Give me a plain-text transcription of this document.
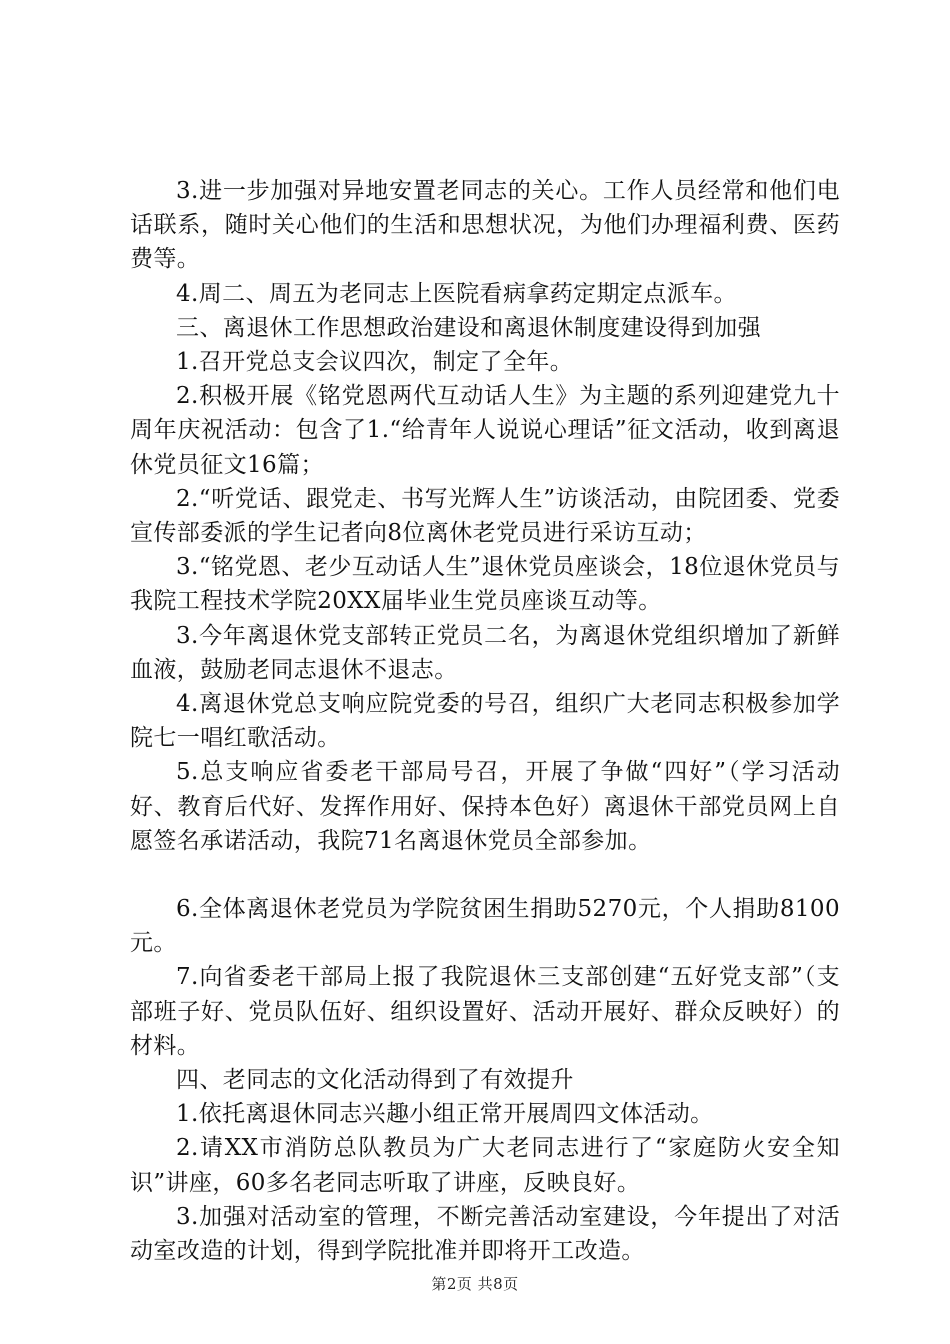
3.进一步加强对异地安置老同志的关心。工作人员经常和他们电话联系，随时关心他们的生活和思想状况，为他们办理福利费、医药费等。

4.周二、周五为老同志上医院看病拿药定期定点派车。

三、离退休工作思想政治建设和离退休制度建设得到加强

1.召开党总支会议四次，制定了全年。

2.积极开展《铭党恩两代互动话人生》为主题的系列迎建党九十周年庆祝活动：包含了1.“给青年人说说心理话”征文活动，收到离退休党员征文16篇；

2.“听党话、跟党走、书写光辉人生”访谈活动，由院团委、党委宣传部委派的学生记者向8位离休老党员进行采访互动；

3.“铭党恩、老少互动话人生”退休党员座谈会，18位退休党员与我院工程技术学院20XX届毕业生党员座谈互动等。

3.今年离退休党支部转正党员二名，为离退休党组织增加了新鲜血液，鼓励老同志退休不退志。

4.离退休党总支响应院党委的号召，组织广大老同志积极参加学院七一唱红歌活动。

5.总支响应省委老干部局号召，开展了争做“四好”（学习活动好、教育后代好、发挥作用好、保持本色好）离退休干部党员网上自愿签名承诺活动，我院71名离退休党员全部参加。

6.全体离退休老党员为学院贫困生捐助5270元，个人捐助8100元。

7.向省委老干部局上报了我院退休三支部创建“五好党支部”（支部班子好、党员队伍好、组织设置好、活动开展好、群众反映好）的材料。

四、老同志的文化活动得到了有效提升

1.依托离退休同志兴趣小组正常开展周四文体活动。

2.请XX市消防总队教员为广大老同志进行了“家庭防火安全知识”讲座，60多名老同志听取了讲座，反映良好。

3.加强对活动室的管理，不断完善活动室建设，今年提出了对活动室改造的计划，得到学院批准并即将开工改造。

第2页 共8页
